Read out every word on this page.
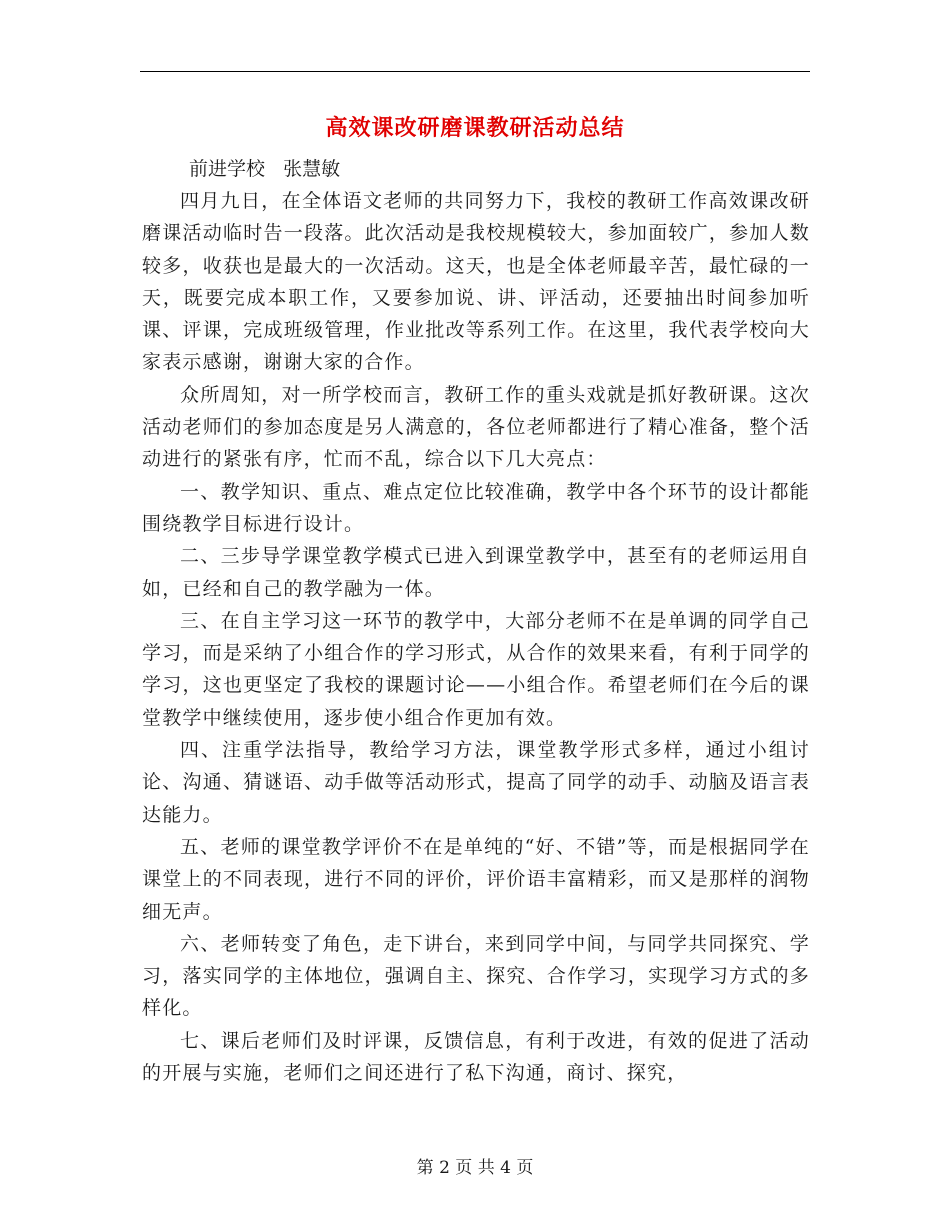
高效课改研磨课教研活动总结
前进学校   张慧敏

四月九日，在全体语文老师的共同努力下，我校的教研工作高效课改研磨课活动临时告一段落。此次活动是我校规模较大，参加面较广，参加人数较多，收获也是最大的一次活动。这天，也是全体老师最辛苦，最忙碌的一天，既要完成本职工作，又要参加说、讲、评活动，还要抽出时间参加听课、评课，完成班级管理，作业批改等系列工作。在这里，我代表学校向大家表示感谢，谢谢大家的合作。

众所周知，对一所学校而言，教研工作的重头戏就是抓好教研课。这次活动老师们的参加态度是另人满意的，各位老师都进行了精心准备，整个活动进行的紧张有序，忙而不乱，综合以下几大亮点：

一、教学知识、重点、难点定位比较准确，教学中各个环节的设计都能围绕教学目标进行设计。

二、三步导学课堂教学模式已进入到课堂教学中，甚至有的老师运用自如，已经和自己的教学融为一体。

三、在自主学习这一环节的教学中，大部分老师不在是单调的同学自己学习，而是采纳了小组合作的学习形式，从合作的效果来看，有利于同学的学习，这也更坚定了我校的课题讨论——小组合作。希望老师们在今后的课堂教学中继续使用，逐步使小组合作更加有效。

四、注重学法指导，教给学习方法，课堂教学形式多样，通过小组讨论、沟通、猜谜语、动手做等活动形式，提高了同学的动手、动脑及语言表达能力。

五、老师的课堂教学评价不在是单纯的“好、不错”等，而是根据同学在课堂上的不同表现，进行不同的评价，评价语丰富精彩，而又是那样的润物细无声。

六、老师转变了角色，走下讲台，来到同学中间，与同学共同探究、学习，落实同学的主体地位，强调自主、探究、合作学习，实现学习方式的多样化。

七、课后老师们及时评课，反馈信息，有利于改进，有效的促进了活动的开展与实施，老师们之间还进行了私下沟通，商讨、探究，

第 2 页 共 4 页
